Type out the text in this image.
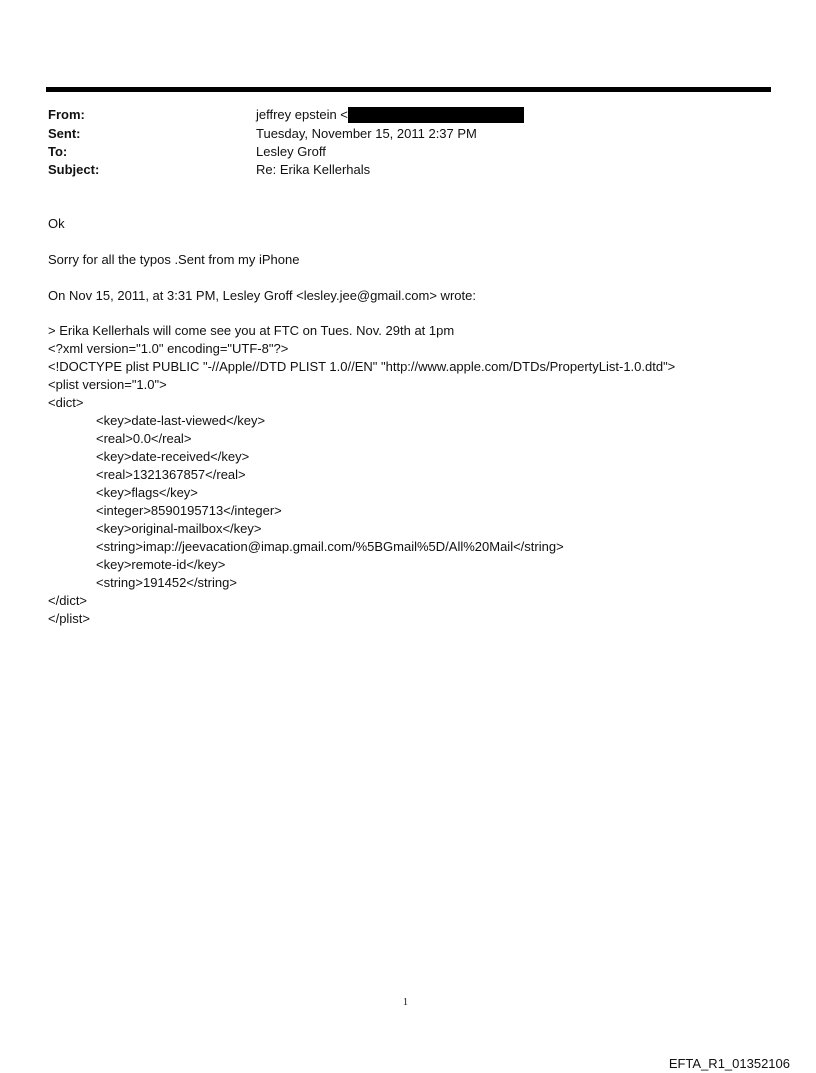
From:	jeffrey epstein <
Sent:	Tuesday, November 15, 2011 2:37 PM
To:	Lesley Groff
Subject:	Re: Erika Kellerhals
Ok
Sorry for all the typos .Sent from my iPhone
On Nov 15, 2011, at 3:31 PM, Lesley Groff <lesley.jee@gmail.com> wrote:
> Erika Kellerhals will come see you at FTC on Tues. Nov. 29th at 1pm
<?xml version="1.0" encoding="UTF-8"?>
<!DOCTYPE plist PUBLIC "-//Apple//DTD PLIST 1.0//EN" "http://www.apple.com/DTDs/PropertyList-1.0.dtd">
<plist version="1.0">
<dict>
<key>date-last-viewed</key>
<real>0.0</real>
<key>date-received</key>
<real>1321367857</real>
<key>flags</key>
<integer>8590195713</integer>
<key>original-mailbox</key>
<string>imap://jeevacation@imap.gmail.com/%5BGmail%5D/All%20Mail</string>
<key>remote-id</key>
<string>191452</string>
</dict>
</plist>
1
EFTA_R1_01352106
